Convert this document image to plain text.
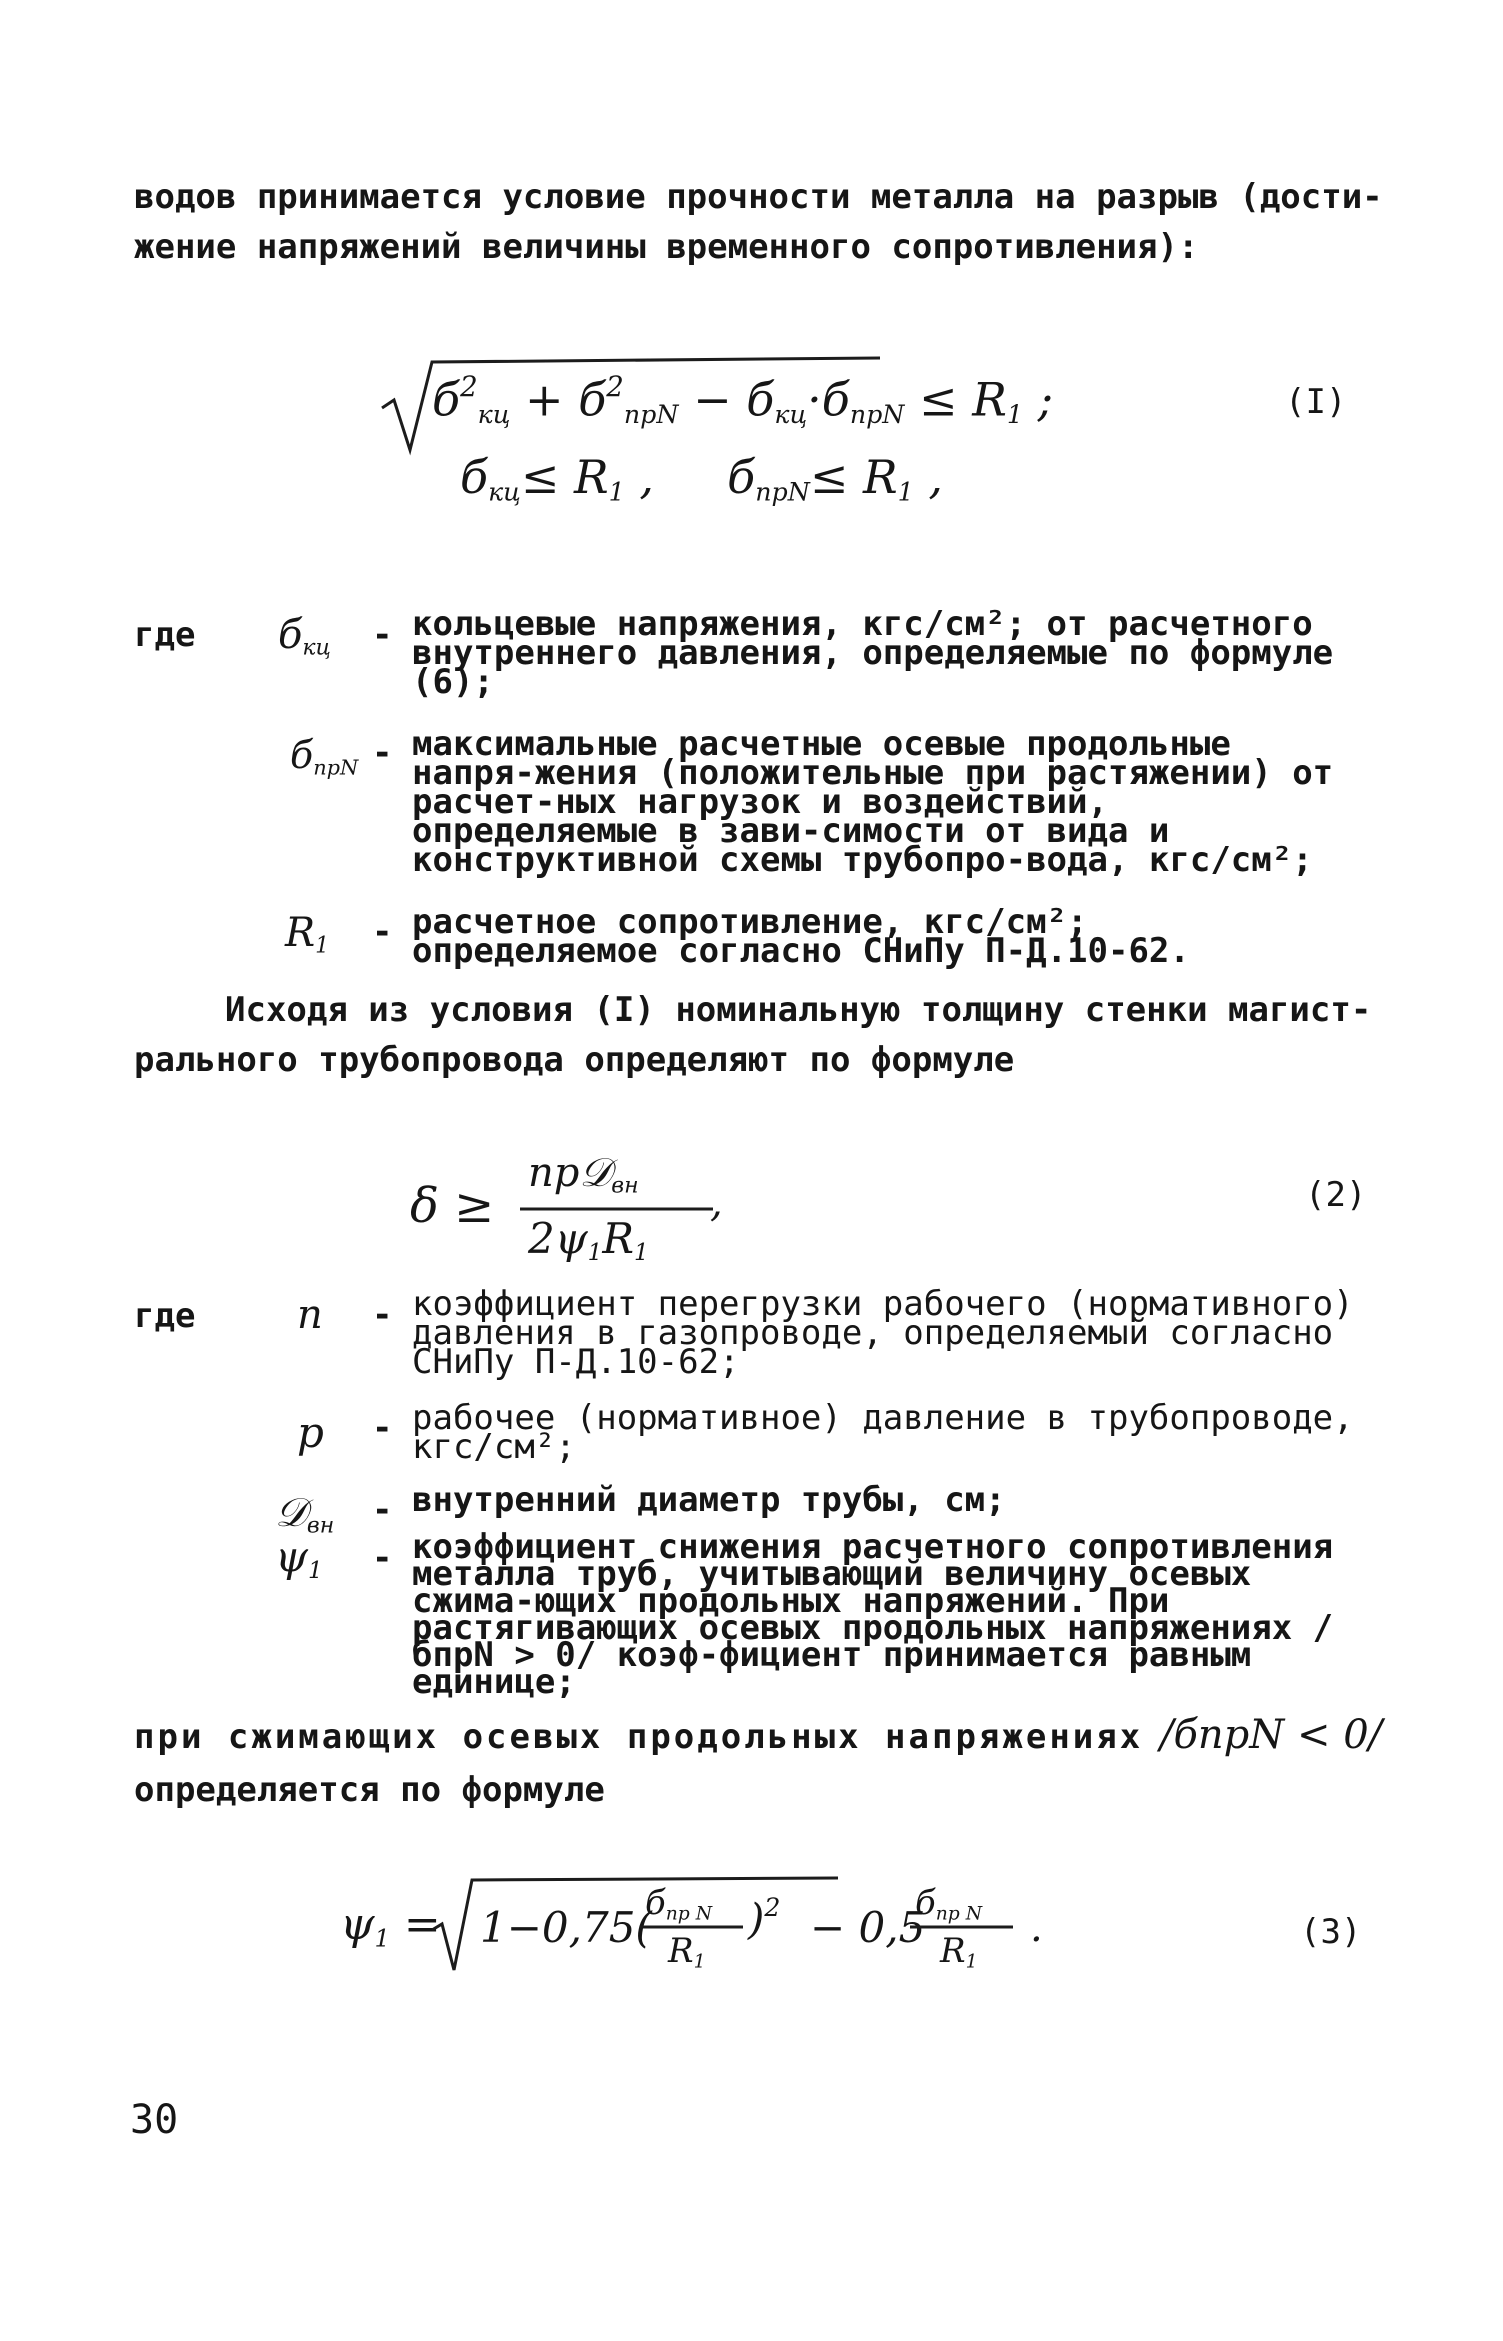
водов принимается условие прочности металла на разрыв (дости-
жение напряжений величины временного сопротивления):
$б^2_{кц} + б^2_{прN} - б_{кц}\cdot б_{прN} \le R_1$ ;
$б_{кц}\le R_1$ ,     $б_{прN}\le R_1$ ,
(I)
где $б_{кц}$ - кольцевые напряжения, кгс/см²; от расчетного внутреннего давления, определяемые по формуле (6);
$б_{прN}$ - максимальные расчетные осевые продольные напря-жения (положительные при растяжении) от расчет-ных нагрузок и воздействий, определяемые в зави-симости от вида и конструктивной схемы трубопро-вода, кгс/см²;
$R_1$ - расчетное сопротивление, кгс/см²; определяемое согласно СНиПу П-Д.10-62.
Исходя из условия (I) номинальную толщину стенки магист-
рального трубопровода определяют по формуле
δ ≥
np𝒟$_{вн}$
$2\psi_1R_1$
,	(2)
где	n - коэффициент перегрузки рабочего (нормативного) давления в газопроводе, определяемый согласно СНиПу П-Д.10-62;
p - рабочее (нормативное) давление в трубопроводе, кгс/см²;
𝒟$_{вн}$ - внутренний диаметр трубы, см;
$\psi_1$ - коэффициент снижения расчетного сопротивления металла труб, учитывающий величину осевых сжима-ющих продольных напряжений. При растягивающих осевых продольных напряжениях /бпрN > 0/ коэф-фициент принимается равным единице;
при сжимающих осевых продольных напряжениях /бпрN < 0/
определяется по формуле
$\psi_1 = 1-0,75$(
$б_{пр N}$
$R_1$
)$^2$ − 0,5
$б_{пр N}$
$R_1$
.	(3)
30
